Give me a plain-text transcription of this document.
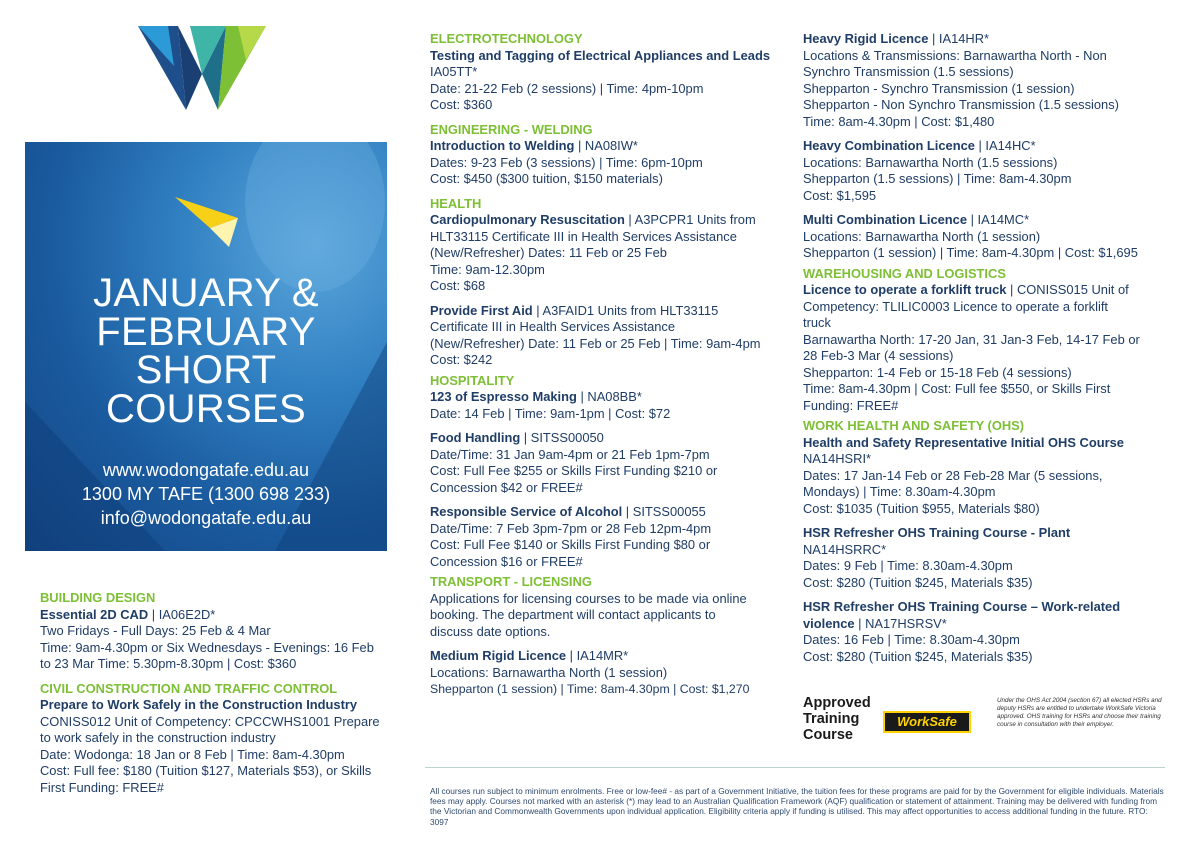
JANUARY &
FEBRUARY
SHORT
COURSES
www.wodongatafe.edu.au
1300 MY TAFE (1300 698 233)
info@wodongatafe.edu.au
BUILDING DESIGN
Essential 2D CAD | IA06E2D*
Two Fridays - Full Days: 25 Feb & 4 Mar
Time: 9am-4.30pm or Six Wednesdays - Evenings: 16 Feb
to 23 Mar Time: 5.30pm-8.30pm | Cost: $360
CIVIL CONSTRUCTION AND TRAFFIC CONTROL
Prepare to Work Safely in the Construction Industry
CONISS012 Unit of Competency: CPCCWHS1001 Prepare
to work safely in the construction industry
Date: Wodonga: 18 Jan or 8 Feb | Time: 8am-4.30pm
Cost: Full fee: $180 (Tuition $127, Materials $53), or Skills
First Funding: FREE#
ELECTROTECHNOLOGY
Testing and Tagging of Electrical Appliances and Leads
IA05TT*
Date: 21-22 Feb (2 sessions) | Time: 4pm-10pm
Cost: $360
ENGINEERING - WELDING
Introduction to Welding | NA08IW*
Dates: 9-23 Feb (3 sessions) | Time: 6pm-10pm
Cost: $450 ($300 tuition, $150 materials)
HEALTH
Cardiopulmonary Resuscitation | A3PCPR1 Units from
HLT33115 Certificate III in Health Services Assistance
(New/Refresher) Dates: 11 Feb or 25 Feb
Time: 9am-12.30pm
Cost: $68
Provide First Aid | A3FAID1 Units from HLT33115
Certificate III in Health Services Assistance
(New/Refresher) Date: 11 Feb or 25 Feb | Time: 9am-4pm
Cost: $242
HOSPITALITY
123 of Espresso Making | NA08BB*
Date: 14 Feb | Time: 9am-1pm | Cost: $72
Food Handling | SITSS00050
Date/Time: 31 Jan 9am-4pm or 21 Feb 1pm-7pm
Cost: Full Fee $255 or Skills First Funding $210 or
Concession $42 or FREE#
Responsible Service of Alcohol | SITSS00055
Date/Time: 7 Feb 3pm-7pm or 28 Feb 12pm-4pm
Cost: Full Fee $140 or Skills First Funding $80 or
Concession $16 or FREE#
TRANSPORT - LICENSING
Applications for licensing courses to be made via online
booking. The department will contact applicants to
discuss date options.
Medium Rigid Licence | IA14MR*
Locations: Barnawartha North (1 session)
Shepparton (1 session) | Time: 8am-4.30pm | Cost: $1,270
Heavy Rigid Licence | IA14HR*
Locations & Transmissions: Barnawartha North - Non
Synchro Transmission (1.5 sessions)
Shepparton - Synchro Transmission (1 session)
Shepparton - Non Synchro Transmission (1.5 sessions)
Time: 8am-4.30pm | Cost: $1,480
Heavy Combination Licence | IA14HC*
Locations: Barnawartha North (1.5 sessions)
Shepparton (1.5 sessions) | Time: 8am-4.30pm
Cost: $1,595
Multi Combination Licence | IA14MC*
Locations: Barnawartha North (1 session)
Shepparton (1 session) | Time: 8am-4.30pm | Cost: $1,695
WAREHOUSING AND LOGISTICS
Licence to operate a forklift truck | CONISS015 Unit of
Competency: TLILIC0003 Licence to operate a forklift
truck
Barnawartha North: 17-20 Jan, 31 Jan-3 Feb, 14-17 Feb or
28 Feb-3 Mar (4 sessions)
Shepparton: 1-4 Feb or 15-18 Feb (4 sessions)
Time: 8am-4.30pm | Cost: Full fee $550, or Skills First
Funding: FREE#
WORK HEALTH AND SAFETY (OHS)
Health and Safety Representative Initial OHS Course
NA14HSRI*
Dates: 17 Jan-14 Feb or 28 Feb-28 Mar (5 sessions,
Mondays) | Time: 8.30am-4.30pm
Cost: $1035 (Tuition $955, Materials $80)
HSR Refresher OHS Training Course - Plant
NA14HSRRC*
Dates: 9 Feb | Time: 8.30am-4.30pm
Cost: $280 (Tuition $245, Materials $35)
HSR Refresher OHS Training Course – Work-related
violence | NA17HSRSV*
Dates: 16 Feb | Time: 8.30am-4.30pm
Cost: $280 (Tuition $245, Materials $35)
Approved
Training
Course
WorkSafe
Under the OHS Act 2004 (section 67) all elected HSRs and deputy HSRs are entitled to undertake WorkSafe Victoria approved. OHS training for HSRs and choose their training course in consultation with their employer.
All courses run subject to minimum enrolments. Free or low-fee# - as part of a Government Initiative, the tuition fees for these programs are paid for by the Government for eligible individuals. Materials fees may apply. Courses not marked with an asterisk (*) may lead to an Australian Qualification Framework (AQF) qualification or statement of attainment. Training may be delivered with funding from the Victorian and Commonwealth Governments upon individual application. Eligibility criteria apply if funding is utilised. This may affect opportunities to access additional funding in the future. RTO: 3097
